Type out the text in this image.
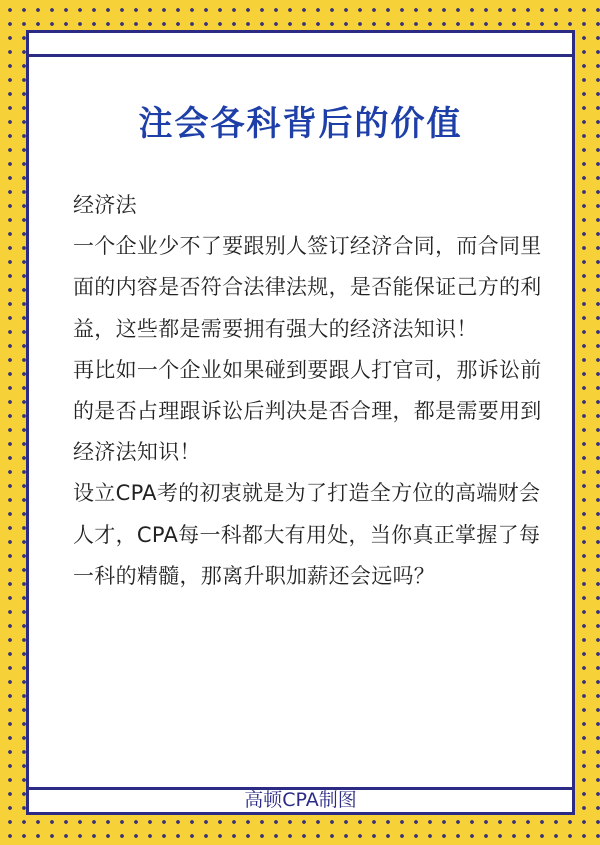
注会各科背后的价值

经济法

一个企业少不了要跟别人签订经济合同，而合同里面的内容是否符合法律法规，是否能保证己方的利益，这些都是需要拥有强大的经济法知识！

再比如一个企业如果碰到要跟人打官司，那诉讼前的是否占理跟诉讼后判决是否合理，都是需要用到经济法知识！

设立CPA考的初衷就是为了打造全方位的高端财会人才，CPA每一科都大有用处，当你真正掌握了每一科的精髓，那离升职加薪还会远吗？

高顿CPA制图
